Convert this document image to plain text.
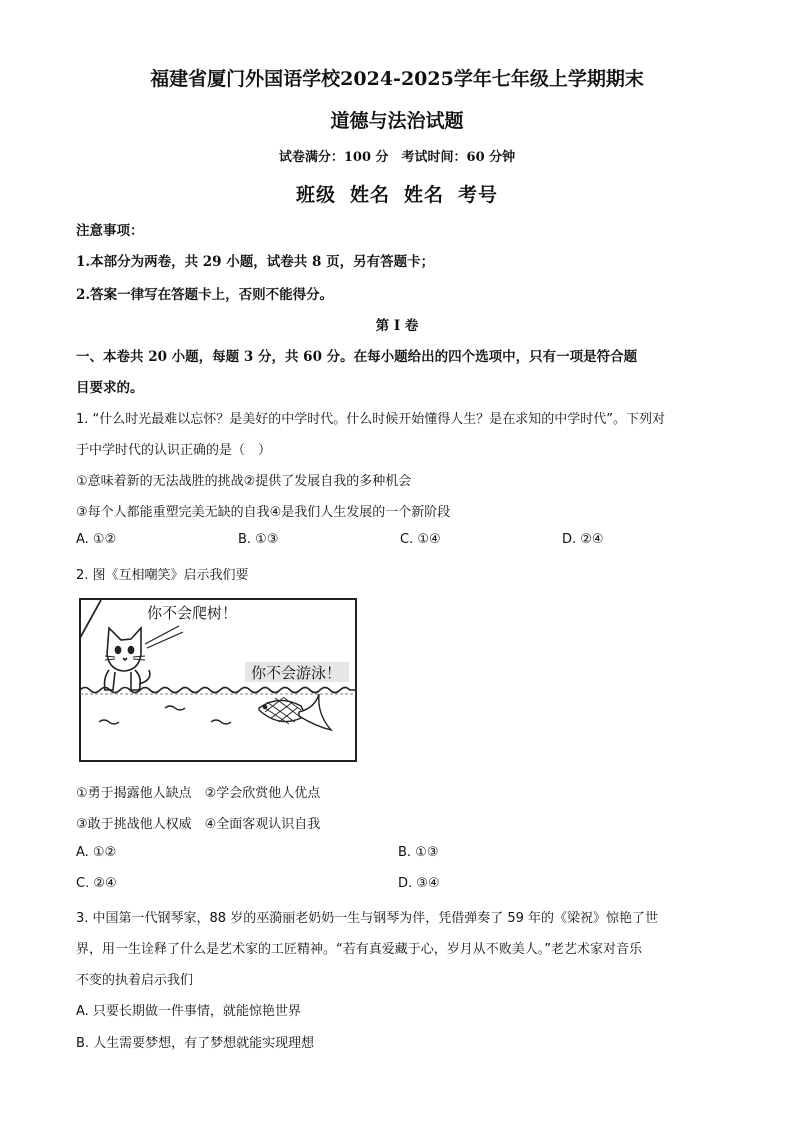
福建省厦门外国语学校2024-2025学年七年级上学期期末
道德与法治试题
试卷满分：100 分　考试时间：60 分钟
班级 姓名 姓名 考号
注意事项：
1.本部分为两卷，共 29 小题，试卷共 8 页，另有答题卡；
2.答案一律写在答题卡上，否则不能得分。
第 I 卷
一、本卷共 20 小题，每题 3 分，共 60 分。在每小题给出的四个选项中，只有一项是符合题
目要求的。
1. “什么时光最难以忘怀？是美好的中学时代。什么时候开始懂得人生？是在求知的中学时代”。下列对
于中学时代的认识正确的是（　）
①意味着新的无法战胜的挑战②提供了发展自我的多种机会
③每个人都能重塑完美无缺的自我④是我们人生发展的一个新阶段
A. ①②	B. ①③	C. ①④	D. ②④
2. 图《互相嘲笑》启示我们要
你不会爬树！
你不会游泳！
①勇于揭露他人缺点　②学会欣赏他人优点
③敢于挑战他人权威　④全面客观认识自我
A. ①②	B. ①③
C. ②④	D. ③④
3. 中国第一代钢琴家，88 岁的巫漪丽老奶奶一生与钢琴为伴，凭借弹奏了 59 年的《梁祝》惊艳了世
界，用一生诠释了什么是艺术家的工匠精神。“若有真爱藏于心，岁月从不败美人。”老艺术家对音乐
不变的执着启示我们
A. 只要长期做一件事情，就能惊艳世界
B. 人生需要梦想，有了梦想就能实现理想
